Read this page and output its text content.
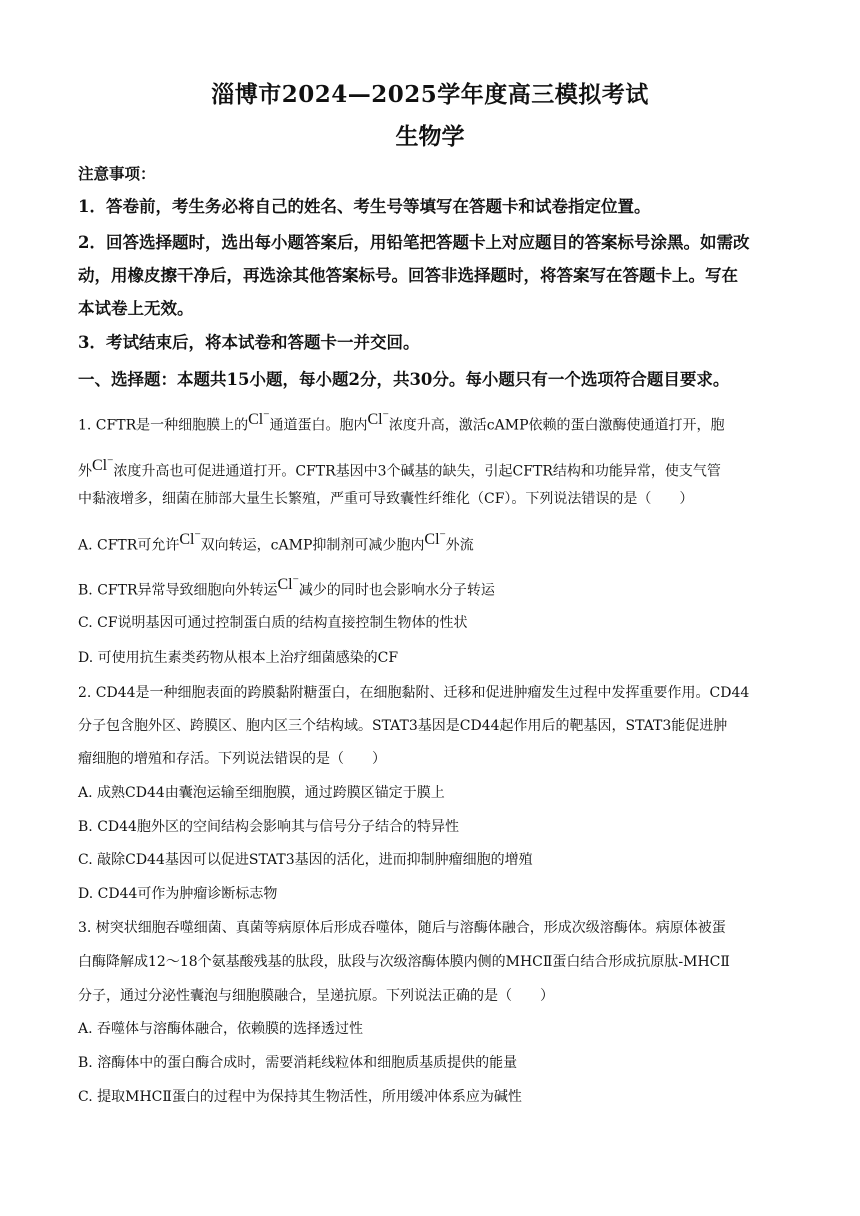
淄博市2024—2025学年度高三模拟考试
生物学
注意事项：
1．答卷前，考生务必将自己的姓名、考生号等填写在答题卡和试卷指定位置。
2．回答选择题时，选出每小题答案后，用铅笔把答题卡上对应题目的答案标号涂黑。如需改
动，用橡皮擦干净后，再选涂其他答案标号。回答非选择题时，将答案写在答题卡上。写在
本试卷上无效。
3．考试结束后，将本试卷和答题卡一并交回。
一、选择题：本题共15小题，每小题2分，共30分。每小题只有一个选项符合题目要求。
1. CFTR是一种细胞膜上的Cl−通道蛋白。胞内Cl−浓度升高，激活cAMP依赖的蛋白激酶使通道打开，胞
外Cl−浓度升高也可促进通道打开。CFTR基因中3个碱基的缺失，引起CFTR结构和功能异常，使支气管
中黏液增多，细菌在肺部大量生长繁殖，严重可导致囊性纤维化（CF）。下列说法错误的是（　　）
A. CFTR可允许Cl−双向转运，cAMP抑制剂可减少胞内Cl−外流
B. CFTR异常导致细胞向外转运Cl−减少的同时也会影响水分子转运
C. CF说明基因可通过控制蛋白质的结构直接控制生物体的性状
D. 可使用抗生素类药物从根本上治疗细菌感染的CF
2. CD44是一种细胞表面的跨膜黏附糖蛋白，在细胞黏附、迁移和促进肿瘤发生过程中发挥重要作用。CD44
分子包含胞外区、跨膜区、胞内区三个结构域。STAT3基因是CD44起作用后的靶基因，STAT3能促进肿
瘤细胞的增殖和存活。下列说法错误的是（　　）
A. 成熟CD44由囊泡运输至细胞膜，通过跨膜区锚定于膜上
B. CD44胞外区的空间结构会影响其与信号分子结合的特异性
C. 敲除CD44基因可以促进STAT3基因的活化，进而抑制肿瘤细胞的增殖
D. CD44可作为肿瘤诊断标志物
3. 树突状细胞吞噬细菌、真菌等病原体后形成吞噬体，随后与溶酶体融合，形成次级溶酶体。病原体被蛋
白酶降解成12～18个氨基酸残基的肽段，肽段与次级溶酶体膜内侧的MHCⅡ蛋白结合形成抗原肽-MHCⅡ
分子，通过分泌性囊泡与细胞膜融合，呈递抗原。下列说法正确的是（　　）
A. 吞噬体与溶酶体融合，依赖膜的选择透过性
B. 溶酶体中的蛋白酶合成时，需要消耗线粒体和细胞质基质提供的能量
C. 提取MHCⅡ蛋白的过程中为保持其生物活性，所用缓冲体系应为碱性
